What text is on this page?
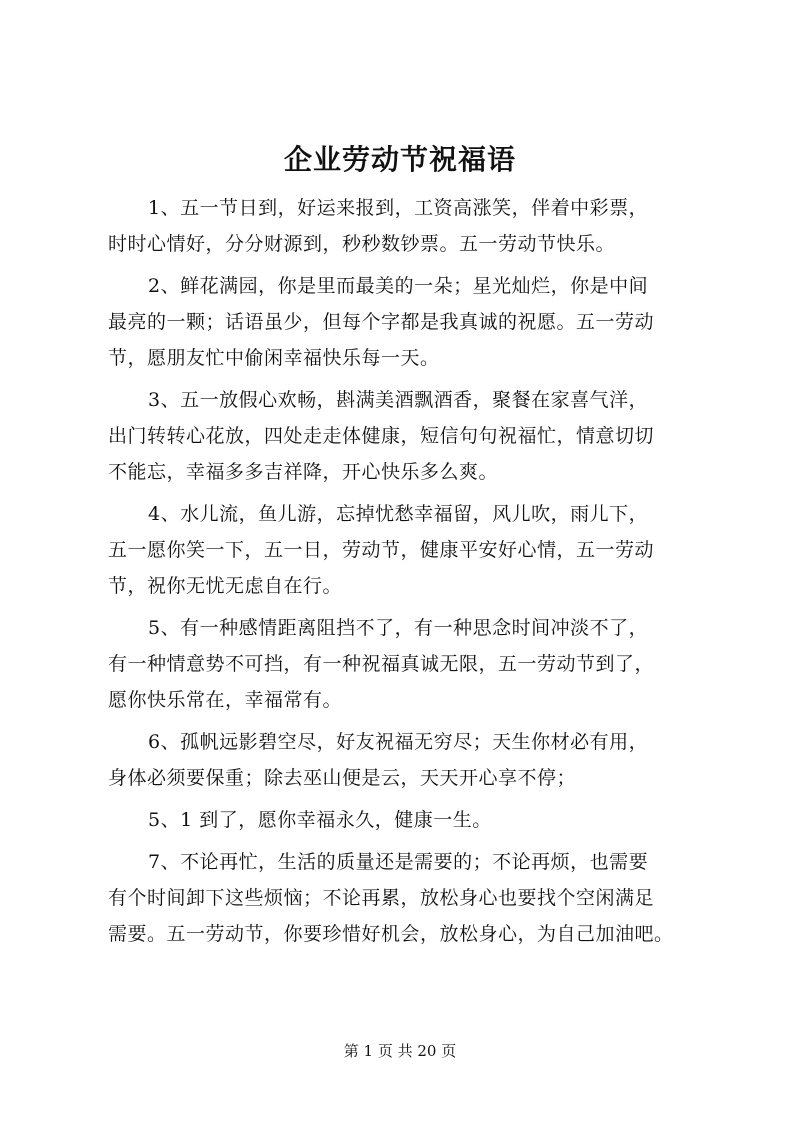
企业劳动节祝福语

1、五一节日到，好运来报到，工资高涨笑，伴着中彩票，
时时心情好，分分财源到，秒秒数钞票。五一劳动节快乐。

2、鲜花满园，你是里而最美的一朵；星光灿烂，你是中间
最亮的一颗；话语虽少，但每个字都是我真诚的祝愿。五一劳动
节，愿朋友忙中偷闲幸福快乐每一天。

3、五一放假心欢畅，斟满美酒飘酒香，聚餐在家喜气洋，
出门转转心花放，四处走走体健康，短信句句祝福忙，情意切切
不能忘，幸福多多吉祥降，开心快乐多么爽。

4、水儿流，鱼儿游，忘掉忧愁幸福留，风儿吹，雨儿下，
五一愿你笑一下，五一日，劳动节，健康平安好心情，五一劳动
节，祝你无忧无虑自在行。

5、有一种感情距离阻挡不了，有一种思念时间冲淡不了，
有一种情意势不可挡，有一种祝福真诚无限，五一劳动节到了，
愿你快乐常在，幸福常有。

6、孤帆远影碧空尽，好友祝福无穷尽；天生你材必有用，
身体必须要保重；除去巫山便是云，天天开心享不停；

5、1 到了，愿你幸福永久，健康一生。

7、不论再忙，生活的质量还是需要的；不论再烦，也需要
有个时间卸下这些烦恼；不论再累，放松身心也要找个空闲满足
需要。五一劳动节，你要珍惜好机会，放松身心，为自己加油吧。

第 1 页 共 20 页
